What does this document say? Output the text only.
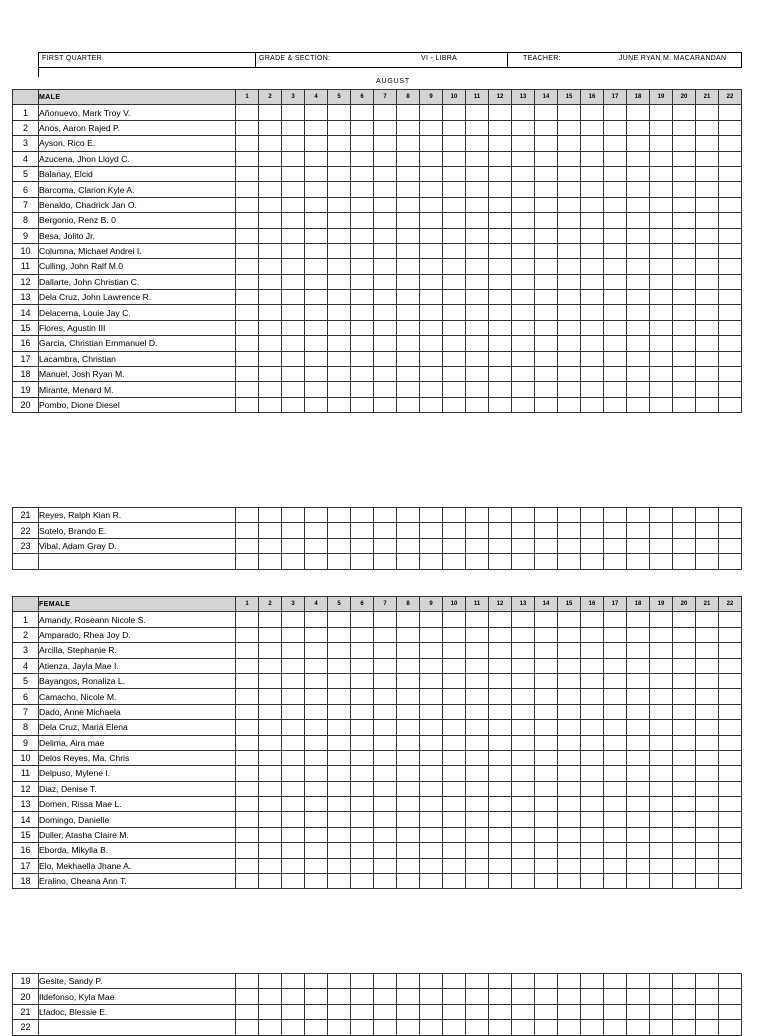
FIRST QUARTER	GRADE & SECTION:	VI - LIBRA	TEACHER:	JUNE RYAN M. MACARANDAN
AUGUST
	MALE	1	2	3	4	5	6	7	8	9	10	11	12	13	14	15	16	17	18	19	20	21	22
1	Añonuevo, Mark Troy V.																						
2	Anos, Aaron Rajed P.																						
3	Ayson, Rico E.																						
4	Azucena, Jhon Lloyd C.																						
5	Balanay, Elcid																						
6	Barcoma, Clarion Kyle A.																						
7	Benaldo, Chadrick Jan O.																						
8	Bergonio, Renz B. 0																						
9	Besa, Jolito Jr.																						
10	Columna, Michael Andrei I.																						
11	Culling, John Ralf M.0																						
12	Dallarte, John Christian C.																						
13	Dela Cruz, John Lawrence R.																						
14	Delacerna, Louie Jay C.																						
15	Flores, Agustin III																						
16	Garcia, Christian Emmanuel D.																						
17	Lacambra, Christian																						
18	Manuel, Josh Ryan M.																						
19	Mirante, Menard M.																						
20	Pombo, Dione Diesel																						
21	Reyes, Ralph Kian R.																						
22	Sotelo, Brando E.																						
23	Vibal, Adam Gray D.																						

	FEMALE	1	2	3	4	5	6	7	8	9	10	11	12	13	14	15	16	17	18	19	20	21	22
1	Amandy, Roseann Nicole S.																						
2	Amparado, Rhea Joy D.																						
3	Arcilla, Stephanie R.																						
4	Atienza, Jayla Mae I.																						
5	Bayangos, Ronaliza L.																						
6	Camacho, Nicole M.																						
7	Dado, Anne Michaela																						
8	Dela Cruz, Maria Elena																						
9	Delima, Aira mae																						
10	Delos Reyes, Ma. Chris																						
11	Delpuso, Mylene I.																						
12	Diaz, Denise T.																						
13	Domen, Rissa Mae L.																						
14	Domingo, Danielle																						
15	Duller, Atasha Claire M.																						
16	Eborda, Mikylla B.																						
17	Elo, Mekhaella Jhane A.																						
18	Eralino, Cheana Ann T.																						
19	Gesite, Sandy P.																						
20	Ildefonso, Kyla Mae																						
21	Lladoc, Blessie E.																						
22																							
